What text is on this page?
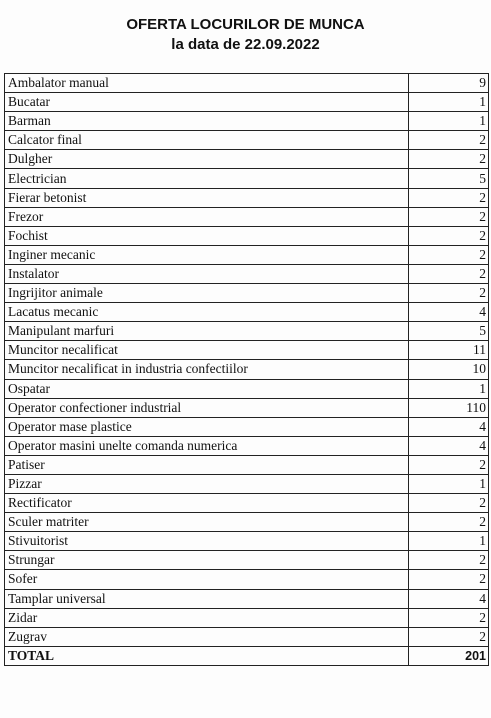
OFERTA LOCURILOR DE MUNCA
la data de 22.09.2022
Ambalator manual	9
Bucatar	1
Barman	1
Calcator final	2
Dulgher	2
Electrician	5
Fierar betonist	2
Frezor	2
Fochist	2
Inginer mecanic	2
Instalator	2
Ingrijitor animale	2
Lacatus mecanic	4
Manipulant marfuri	5
Muncitor necalificat	11
Muncitor necalificat in industria confectiilor	10
Ospatar	1
Operator confectioner industrial	110
Operator mase plastice	4
Operator masini unelte comanda numerica	4
Patiser	2
Pizzar	1
Rectificator	2
Sculer matriter	2
Stivuitorist	1
Strungar	2
Sofer	2
Tamplar universal	4
Zidar	2
Zugrav	2
TOTAL	201
